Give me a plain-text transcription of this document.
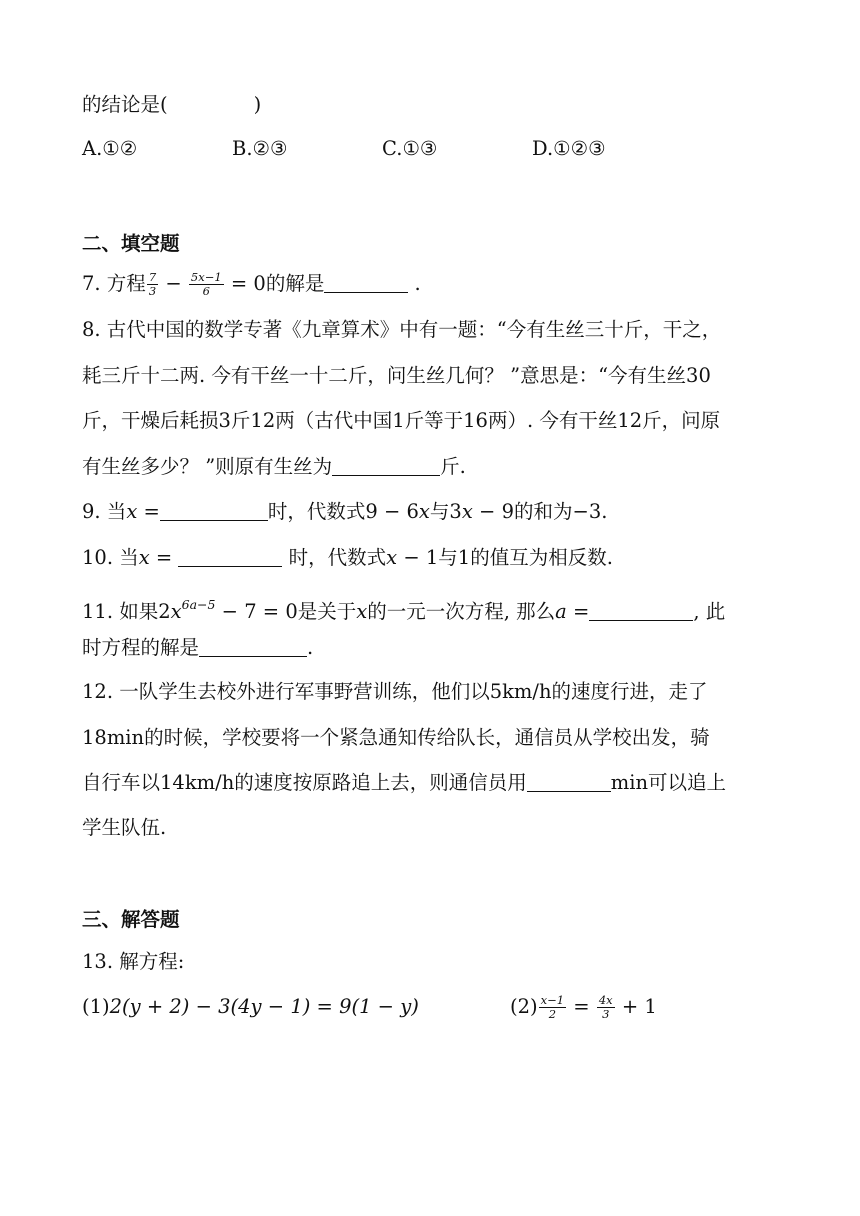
的结论是(	)
A.①②	B.②③	C.①③	D.①②③
二、填空题
7. 方程 $\frac{7}{3} - \frac{5x-1}{6} = 0$的解是	.
8. 古代中国的数学专著《九章算术》中有一题：“今有生丝三十斤，干之，
耗三斤十二两. 今有干丝一十二斤，问生丝几何？ ”意思是：“今有生丝30
斤，干燥后耗损3斤12两（古代中国1斤等于16两）. 今有干丝12斤，问原
有生丝多少？ ”则原有生丝为	斤.
9. 当x =	时，代数式9 − 6x与3x − 9的和为−3.
10. 当x =	时，代数式x − 1与1的值互为相反数.
11. 如果$2x^{6a-5} - 7 = 0$是关于x的一元一次方程, 那么a =	, 此
时方程的解是	.
12. 一队学生去校外进行军事野营训练，他们以5km/h的速度行进，走了
18min的时候，学校要将一个紧急通知传给队长，通信员从学校出发，骑
自行车以14km/h的速度按原路追上去，则通信员用	min可以追上
学生队伍.
三、解答题
13. 解方程:
(1)2(y + 2) − 3(4y − 1) = 9(1 − y)	$(2) \frac{x-1}{2} = \frac{4x}{3} + 1$
